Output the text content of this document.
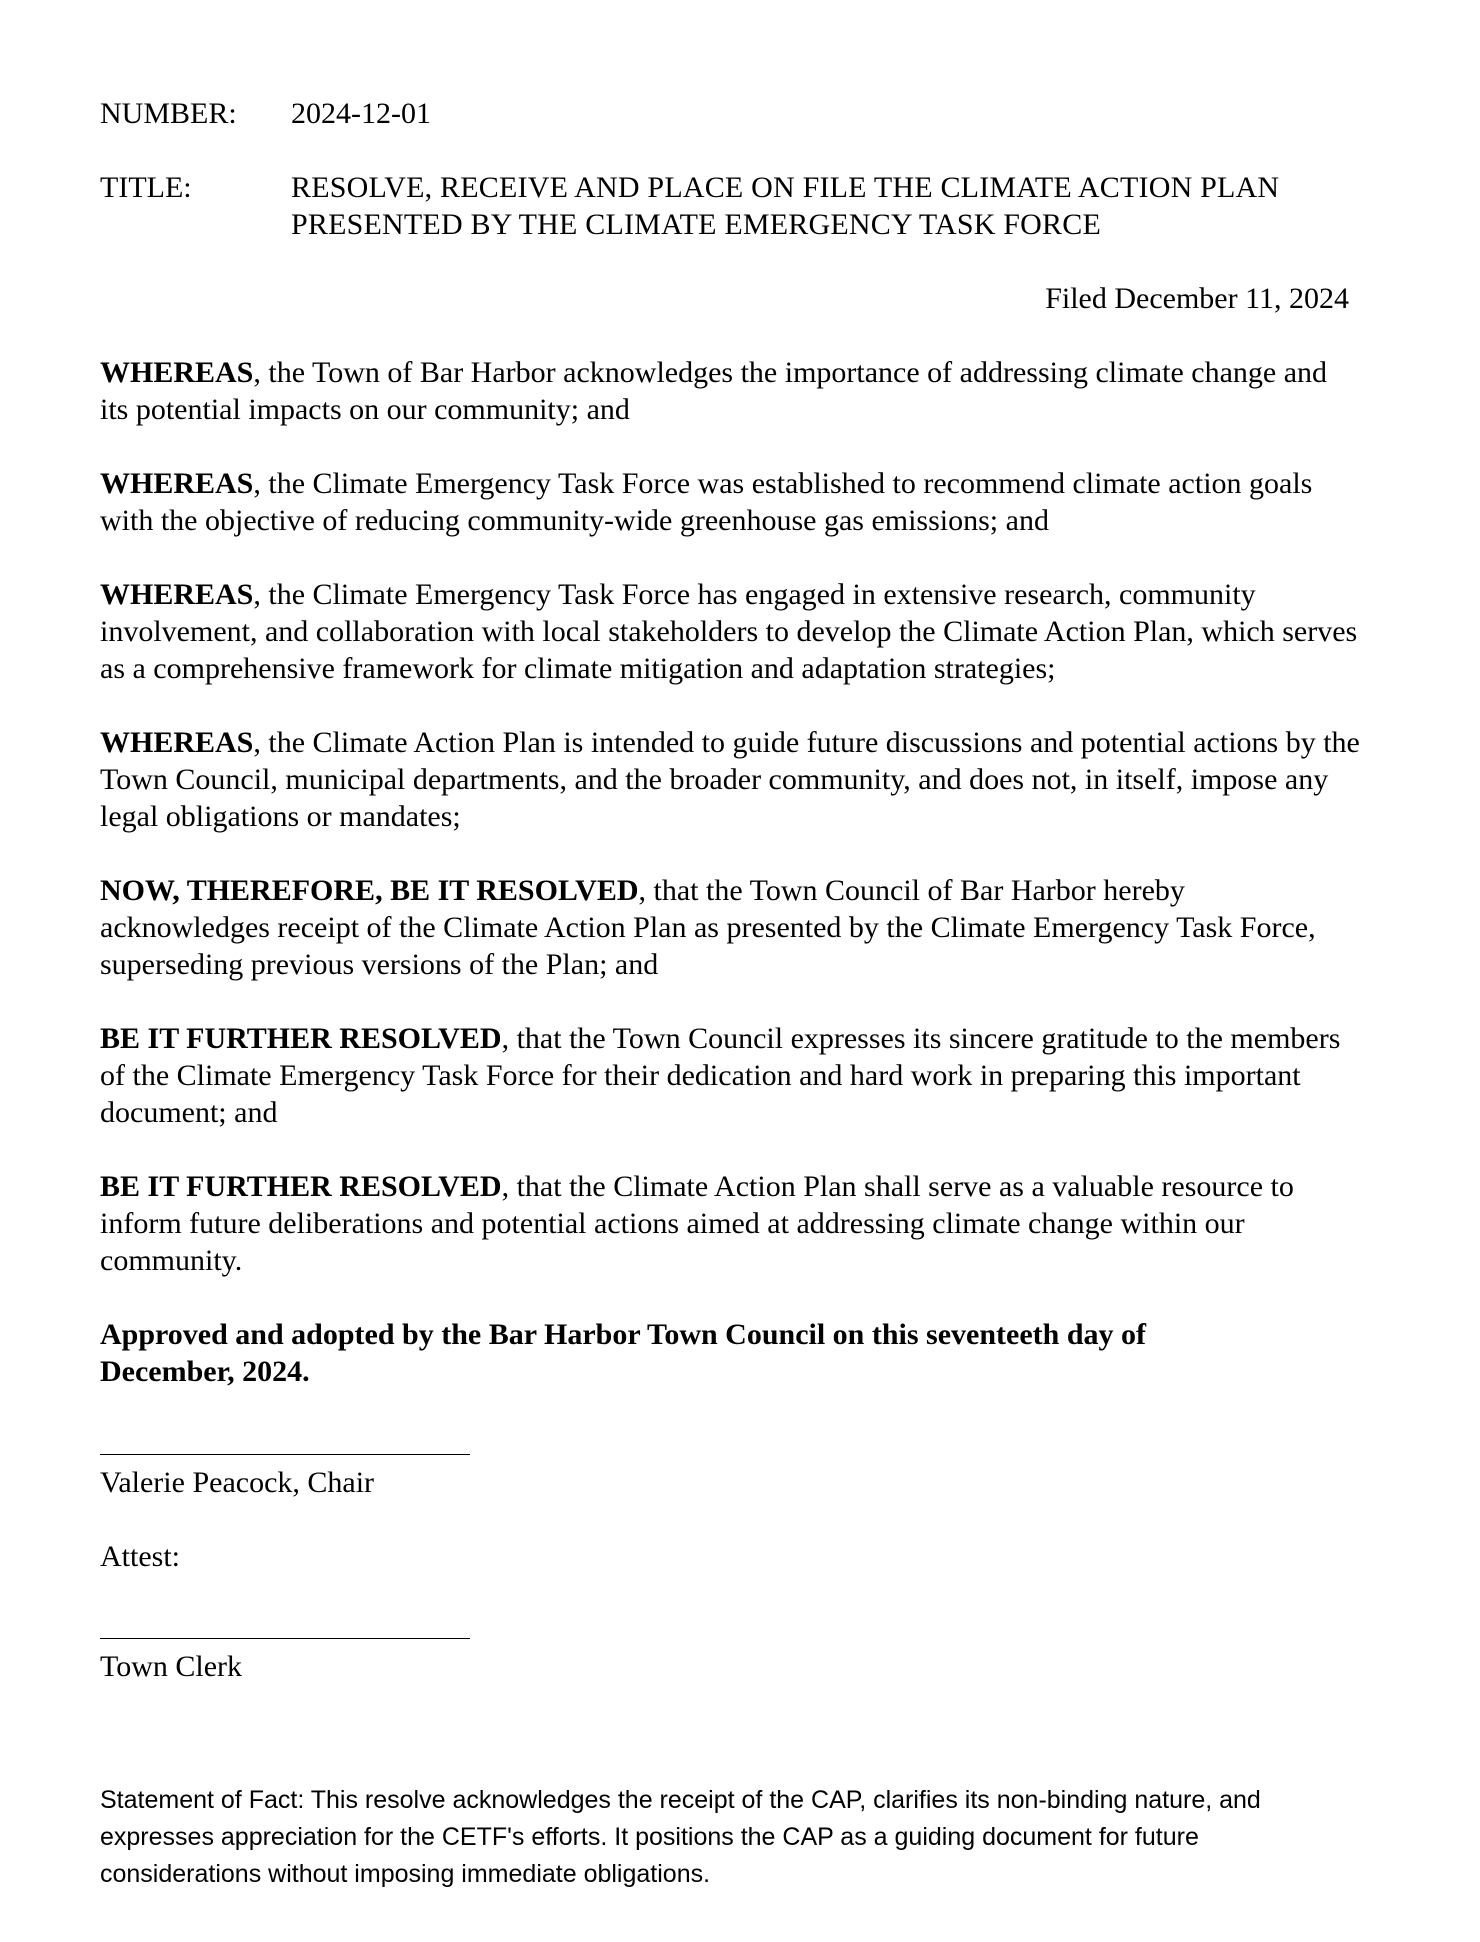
NUMBER: 2024-12-01
TITLE:	RESOLVE, RECEIVE AND PLACE ON FILE THE CLIMATE ACTION PLAN
PRESENTED BY THE CLIMATE EMERGENCY TASK FORCE
Filed December 11, 2024

WHEREAS, the Town of Bar Harbor acknowledges the importance of addressing climate change and its potential impacts on our community; and

WHEREAS, the Climate Emergency Task Force was established to recommend climate action goals with the objective of reducing community-wide greenhouse gas emissions; and

WHEREAS, the Climate Emergency Task Force has engaged in extensive research, community involvement, and collaboration with local stakeholders to develop the Climate Action Plan, which serves as a comprehensive framework for climate mitigation and adaptation strategies;

WHEREAS, the Climate Action Plan is intended to guide future discussions and potential actions by the Town Council, municipal departments, and the broader community, and does not, in itself, impose any legal obligations or mandates;

NOW, THEREFORE, BE IT RESOLVED, that the Town Council of Bar Harbor hereby acknowledges receipt of the Climate Action Plan as presented by the Climate Emergency Task Force, superseding previous versions of the Plan; and

BE IT FURTHER RESOLVED, that the Town Council expresses its sincere gratitude to the members of the Climate Emergency Task Force for their dedication and hard work in preparing this important document; and

BE IT FURTHER RESOLVED, that the Climate Action Plan shall serve as a valuable resource to inform future deliberations and potential actions aimed at addressing climate change within our community.

Approved and adopted by the Bar Harbor Town Council on this seventeeth day of December, 2024.

Valerie Peacock, Chair
Attest:
Town Clerk

Statement of Fact: This resolve acknowledges the receipt of the CAP, clarifies its non-binding nature, and expresses appreciation for the CETF's efforts. It positions the CAP as a guiding document for future considerations without imposing immediate obligations.
